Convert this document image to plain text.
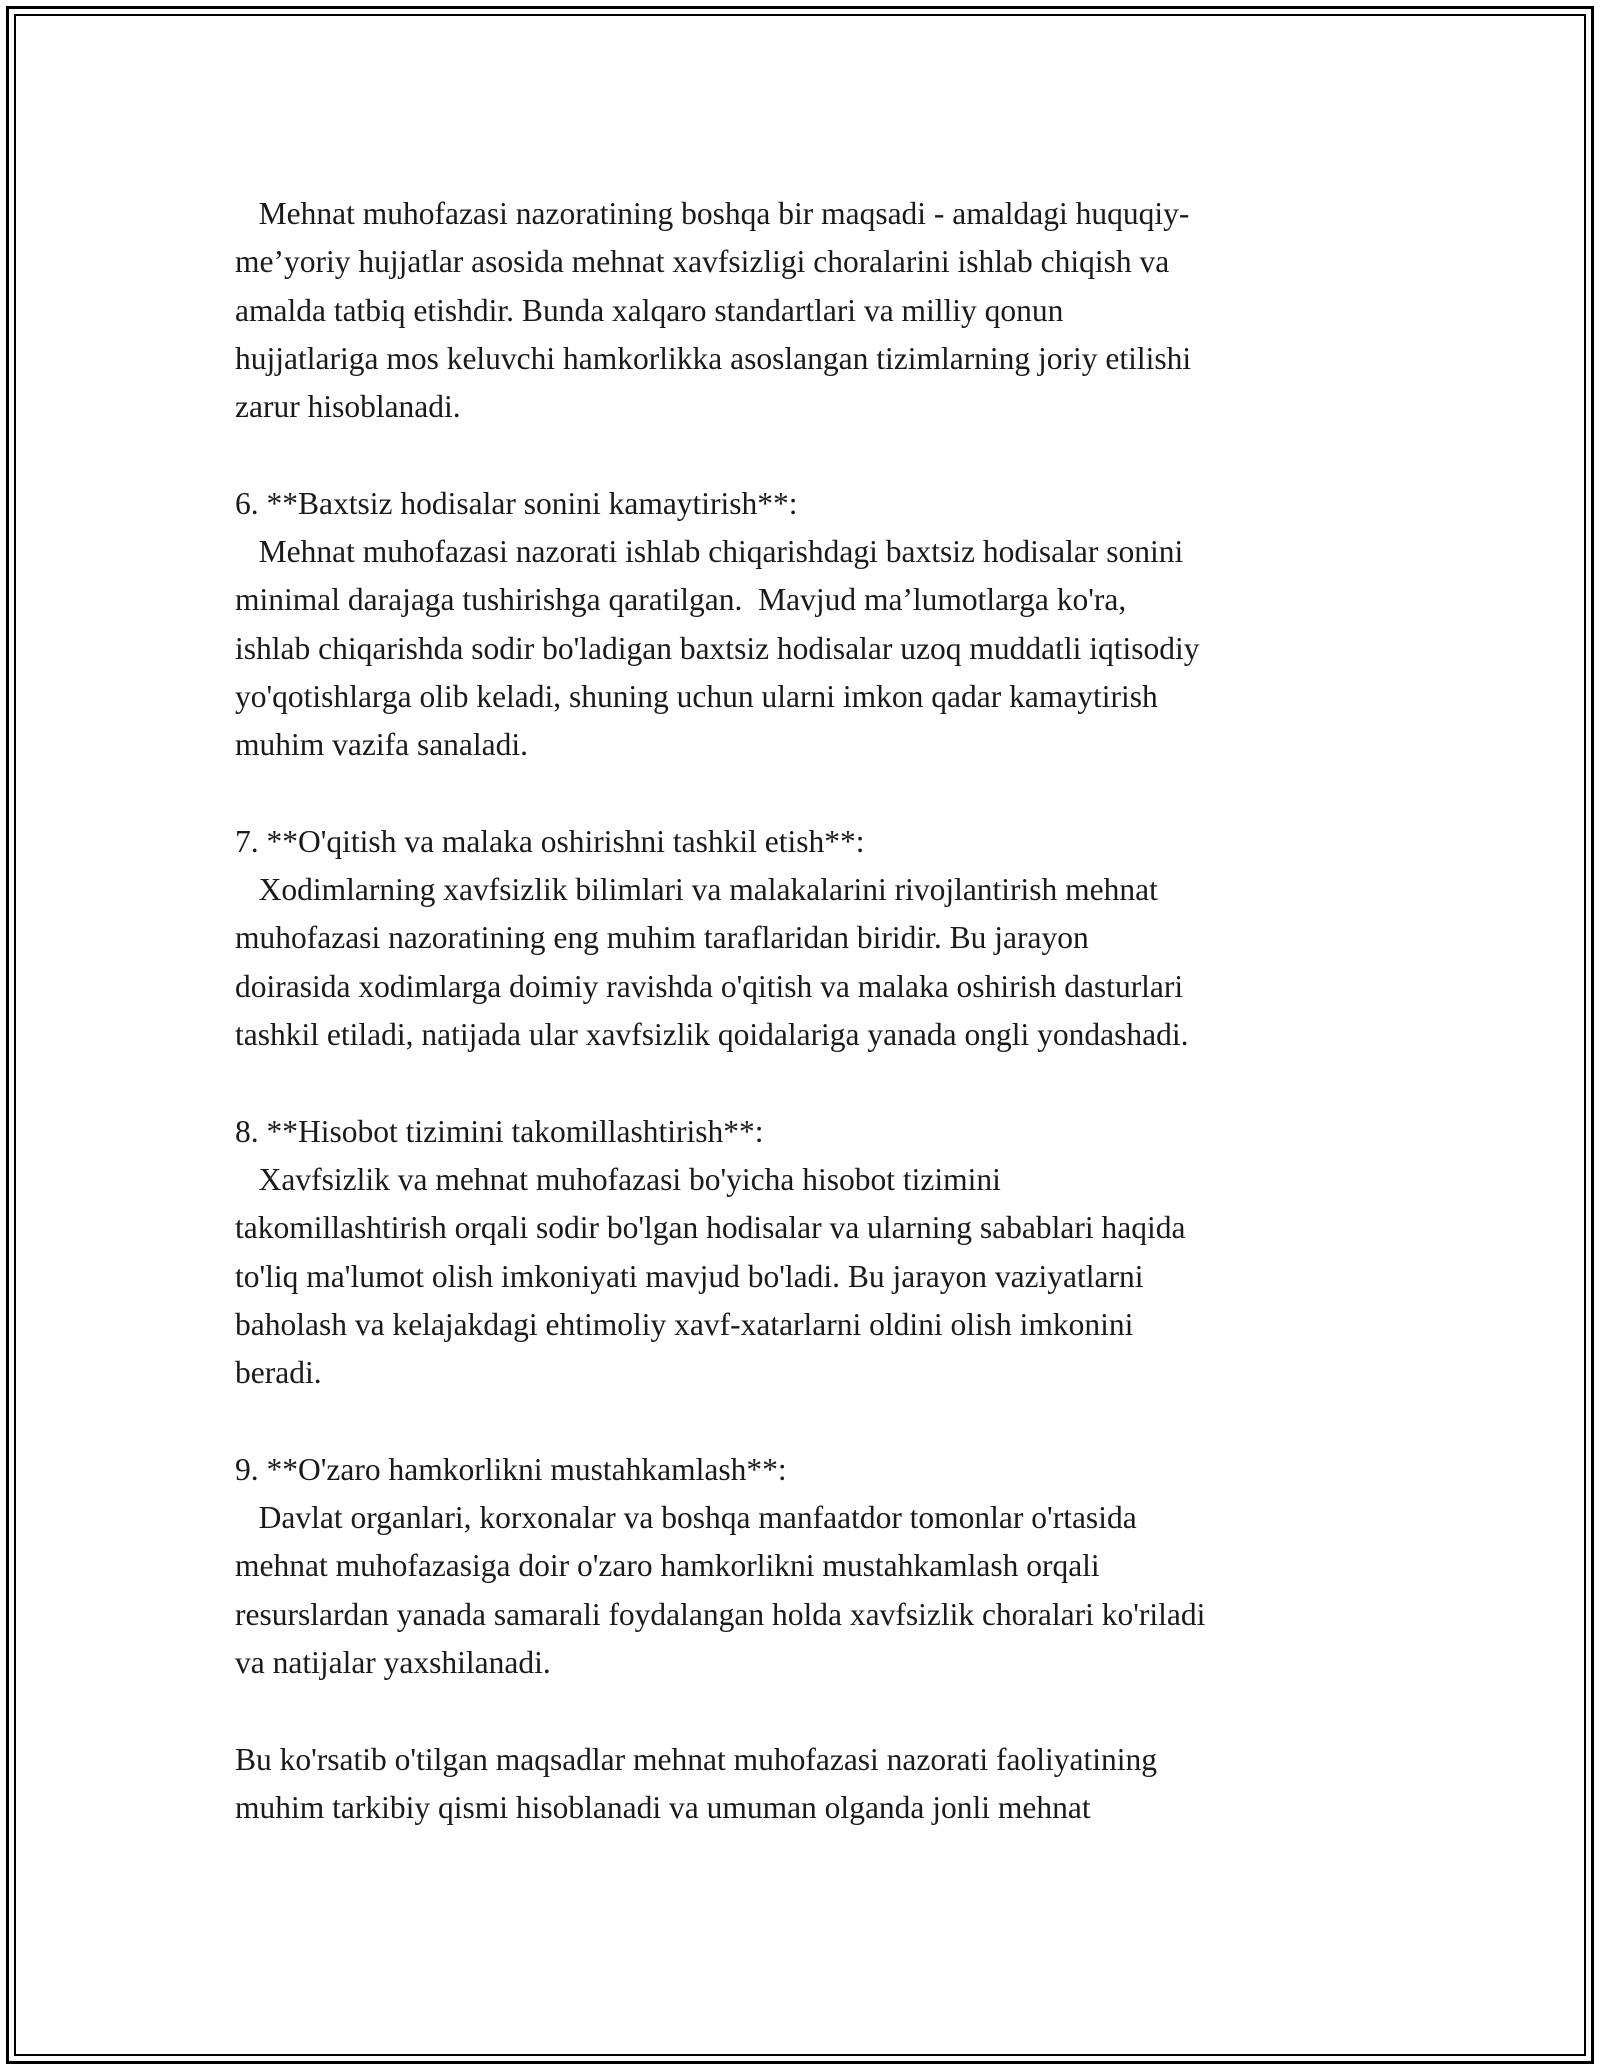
Mehnat muhofazasi nazoratining boshqa bir maqsadi - amaldagi huquqiy-

me’yoriy hujjatlar asosida mehnat xavfsizligi choralarini ishlab chiqish va

amalda tatbiq etishdir. Bunda xalqaro standartlari va milliy qonun

hujjatlariga mos keluvchi hamkorlikka asoslangan tizimlarning joriy etilishi

zarur hisoblanadi.

6. **Baxtsiz hodisalar sonini kamaytirish**:

Mehnat muhofazasi nazorati ishlab chiqarishdagi baxtsiz hodisalar sonini

minimal darajaga tushirishga qaratilgan.  Mavjud ma’lumotlarga ko'ra,

ishlab chiqarishda sodir bo'ladigan baxtsiz hodisalar uzoq muddatli iqtisodiy

yo'qotishlarga olib keladi, shuning uchun ularni imkon qadar kamaytirish

muhim vazifa sanaladi.

7. **O'qitish va malaka oshirishni tashkil etish**:

Xodimlarning xavfsizlik bilimlari va malakalarini rivojlantirish mehnat

muhofazasi nazoratining eng muhim taraflaridan biridir. Bu jarayon

doirasida xodimlarga doimiy ravishda o'qitish va malaka oshirish dasturlari

tashkil etiladi, natijada ular xavfsizlik qoidalariga yanada ongli yondashadi.

8. **Hisobot tizimini takomillashtirish**:

Xavfsizlik va mehnat muhofazasi bo'yicha hisobot tizimini

takomillashtirish orqali sodir bo'lgan hodisalar va ularning sabablari haqida

to'liq ma'lumot olish imkoniyati mavjud bo'ladi. Bu jarayon vaziyatlarni

baholash va kelajakdagi ehtimoliy xavf-xatarlarni oldini olish imkonini

beradi.

9. **O'zaro hamkorlikni mustahkamlash**:

Davlat organlari, korxonalar va boshqa manfaatdor tomonlar o'rtasida

mehnat muhofazasiga doir o'zaro hamkorlikni mustahkamlash orqali

resurslardan yanada samarali foydalangan holda xavfsizlik choralari ko'riladi

va natijalar yaxshilanadi.

Bu ko'rsatib o'tilgan maqsadlar mehnat muhofazasi nazorati faoliyatining

muhim tarkibiy qismi hisoblanadi va umuman olganda jonli mehnat
